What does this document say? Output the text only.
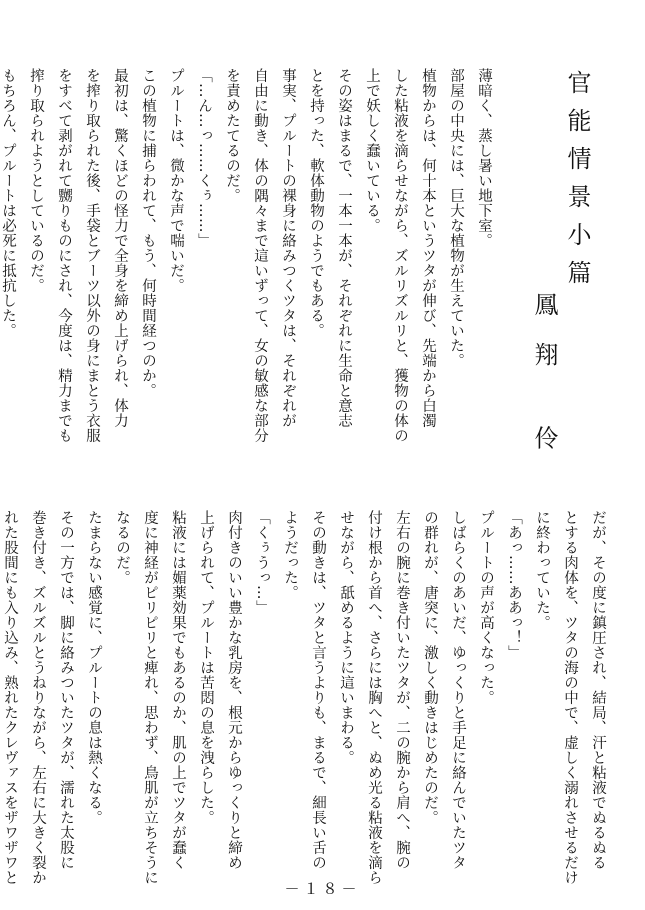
官能情景小篇
鳳翔 伶
薄暗く、蒸し暑い地下室。
部屋の中央には、巨大な植物が生えていた。
植物からは、何十本というツタが伸び、先端から白濁
した粘液を滴らせながら、ズルリズルリと、獲物の体の
上で妖しく蠢いている。
その姿はまるで、一本一本が、それぞれに生命と意志
とを持った、軟体動物のようでもある。
事実、プルートの裸身に絡みつくツタは、それぞれが
自由に動き、体の隅々まで這いずって、女の敏感な部分
を責めたてるのだ。
「…ん…っ……くぅ……」
プルートは、微かな声で喘いだ。
この植物に捕らわれて、もう、何時間経つのか。
最初は、驚くほどの怪力で全身を締め上げられ、体力
を搾り取られた後、手袋とブーツ以外の身にまとう衣服
をすべて剥がれて嬲りものにされ、今度は、精力までも
搾り取られようとしているのだ。
もちろん、プルートは必死に抵抗した。
だが、その度に鎮圧され、結局、汗と粘液でぬるぬる
とする肉体を、ツタの海の中で、虚しく溺れさせるだけ
に終わっていた。
「あっ……ああっ！」
プルートの声が高くなった。
しばらくのあいだ、ゆっくりと手足に絡んでいたツタ
の群れが、唐突に、激しく動きはじめたのだ。
左右の腕に巻き付いたツタが、二の腕から肩へ、腕の
付け根から首へ、さらには胸へと、ぬめ光る粘液を滴ら
せながら、舐めるように這いまわる。
その動きは、ツタと言うよりも、まるで、細長い舌の
ようだった。
「くぅうっ…」
肉付きのいい豊かな乳房を、根元からゆっくりと締め
上げられて、プルートは苦悶の息を洩らした。
粘液には媚薬効果でもあるのか、肌の上でツタが蠢く
度に神経がピリピリと痺れ、思わず、鳥肌が立ちそうに
なるのだ。
たまらない感覚に、プルートの息は熱くなる。
その一方では、脚に絡みついたツタが、濡れた太股に
巻き付き、ズルズルとうねりながら、左右に大きく裂か
れた股間にも入り込み、熟れたクレヴァスをザワザワと
－１８－
